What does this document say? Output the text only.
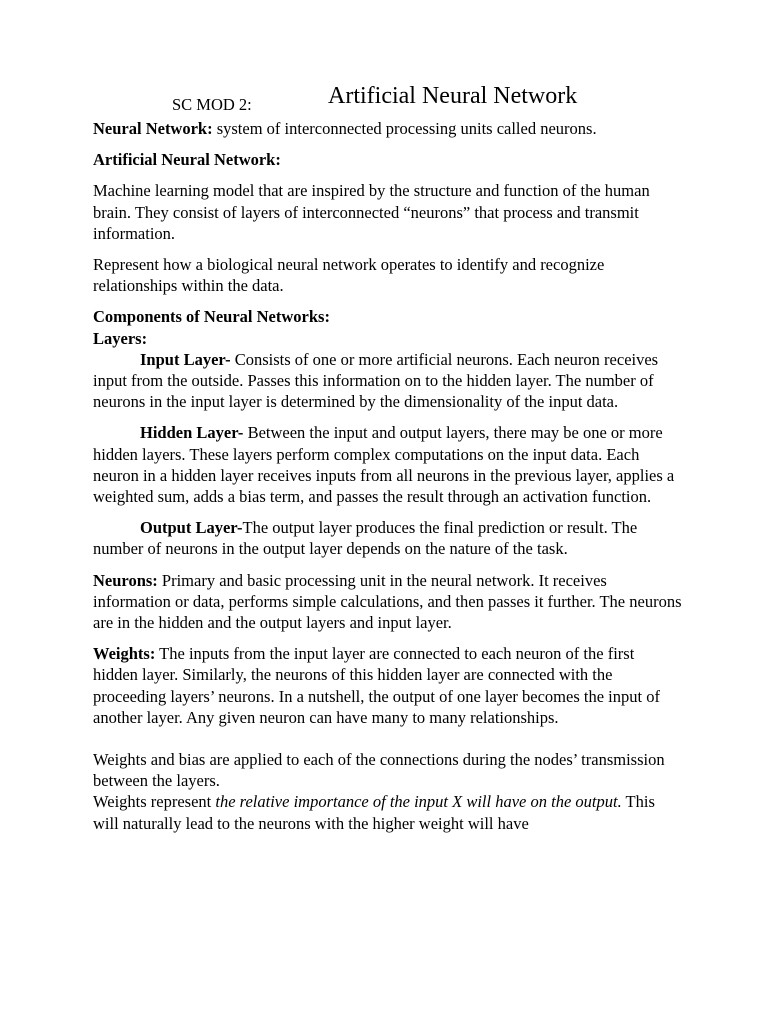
SC MOD 2:	Artificial Neural Network

Neural Network: system of interconnected processing units called neurons.

Artificial Neural Network:

Machine learning model that are inspired by the structure and function of the human brain. They consist of layers of interconnected “neurons” that process and transmit information.

Represent how a biological neural network operates to identify and recognize relationships within the data.

Components of Neural Networks:

Layers:

Input Layer- Consists of one or more artificial neurons. Each neuron receives input from the outside. Passes this information on to the hidden layer. The number of neurons in the input layer is determined by the dimensionality of the input data.

Hidden Layer- Between the input and output layers, there may be one or more hidden layers. These layers perform complex computations on the input data. Each neuron in a hidden layer receives inputs from all neurons in the previous layer, applies a weighted sum, adds a bias term, and passes the result through an activation function.

Output Layer-The output layer produces the final prediction or result. The number of neurons in the output layer depends on the nature of the task.

Neurons: Primary and basic processing unit in the neural network. It receives information or data, performs simple calculations, and then passes it further. The neurons are in the hidden and the output layers and input layer.

Weights: The inputs from the input layer are connected to each neuron of the first hidden layer. Similarly, the neurons of this hidden layer are connected with the proceeding layers’ neurons. In a nutshell, the output of one layer becomes the input of another layer. Any given neuron can have many to many relationships.

Weights and bias are applied to each of the connections during the nodes’ transmission between the layers.

Weights represent the relative importance of the input X will have on the output. This will naturally lead to the neurons with the higher weight will have
